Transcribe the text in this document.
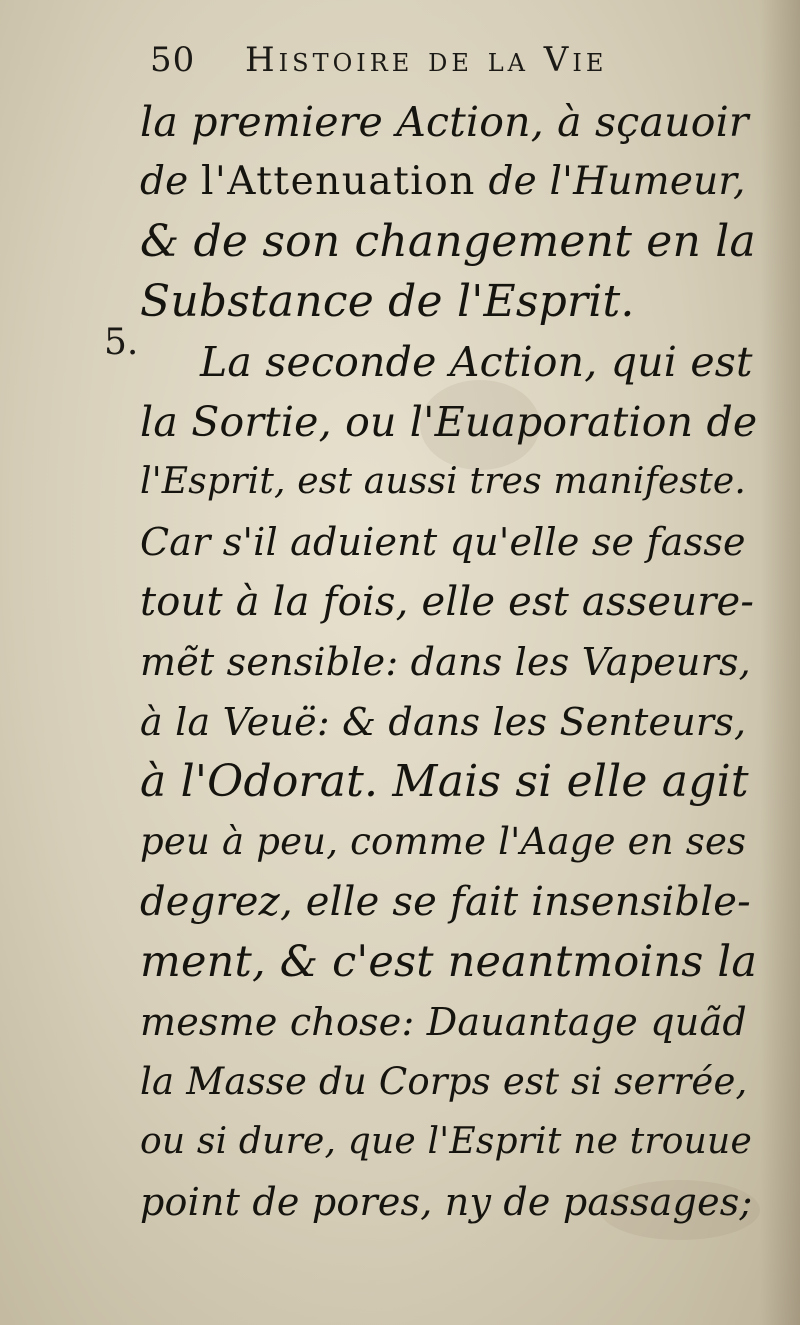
50	Histoire de la Vie
5.
la premiere Action, à sçauoir
de l'Attenuation de l'Humeur,
& de son changement en la
Substance de l'Esprit.
La seconde Action, qui est
la Sortie, ou l'Euaporation de
l'Esprit, est aussi tres manifeste.
Car s'il aduient qu'elle se fasse
tout à la fois, elle est asseure-
mẽt sensible: dans les Vapeurs,
à la Veuë: & dans les Senteurs,
à l'Odorat. Mais si elle agit
peu à peu, comme l'Aage en ses
degrez, elle se fait insensible-
ment, & c'est neantmoins la
mesme chose: Dauantage quãd
la Masse du Corps est si serrée,
ou si dure, que l'Esprit ne trouue
point de pores, ny de passages;
